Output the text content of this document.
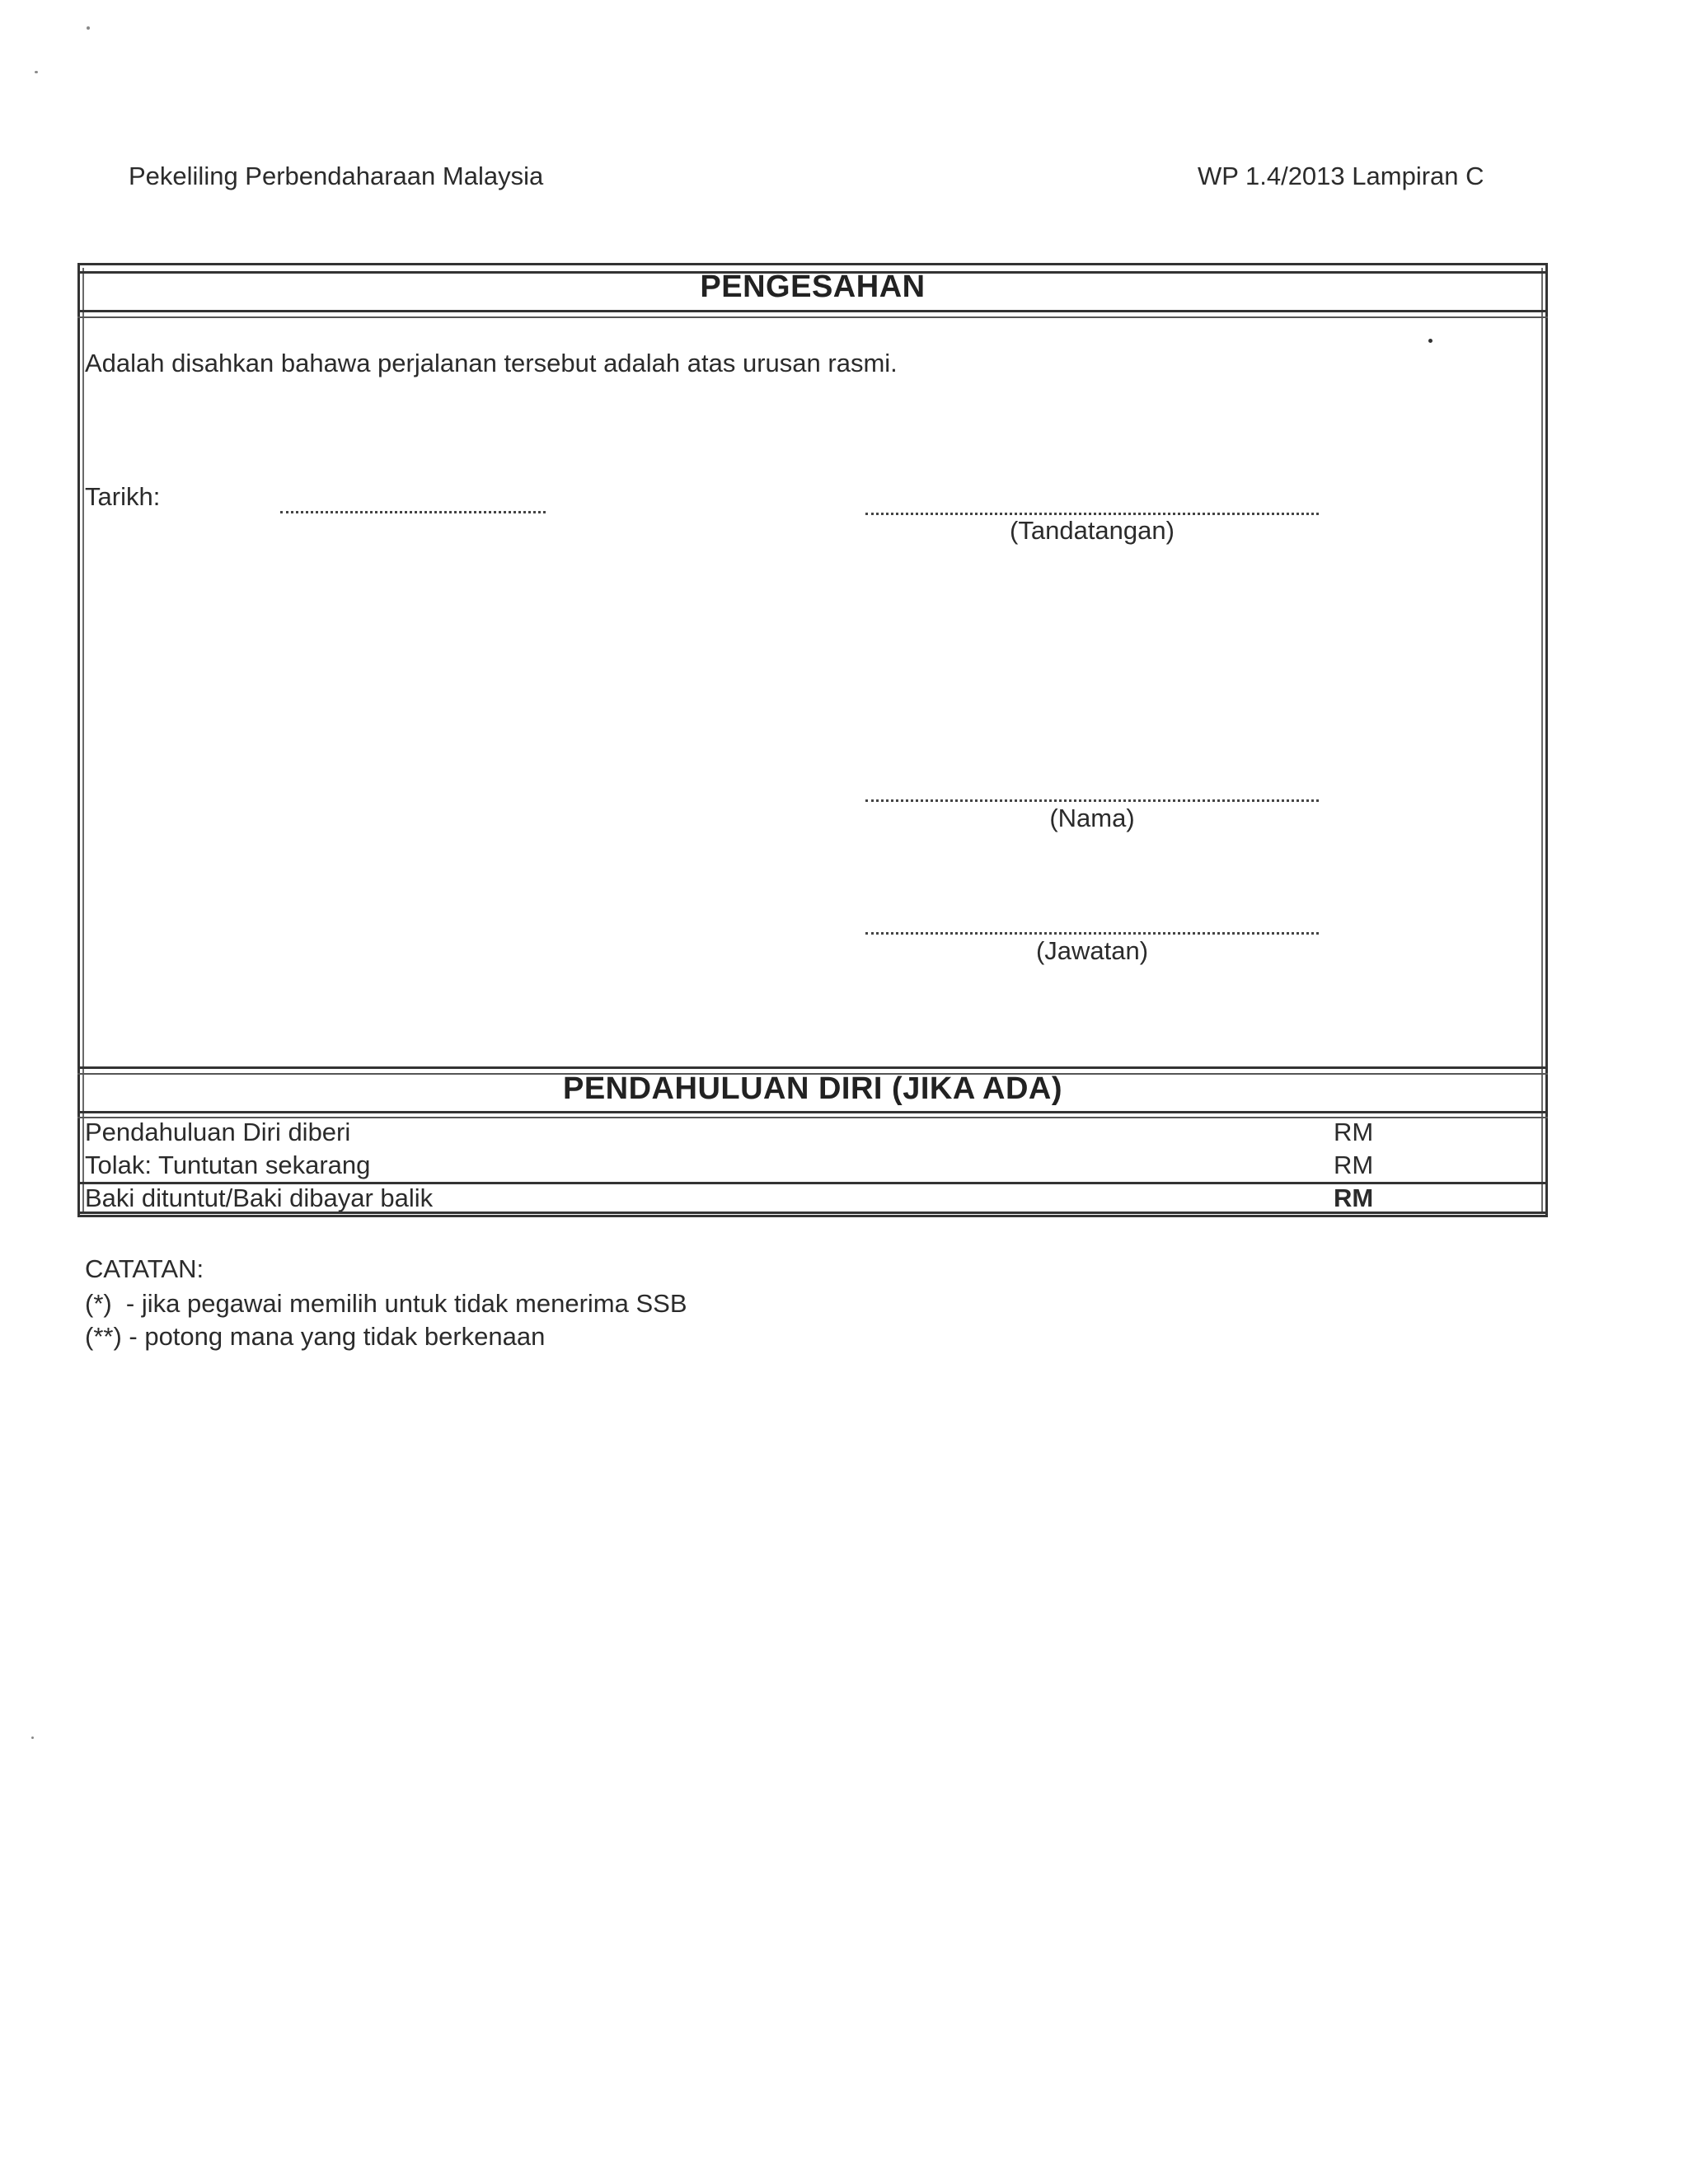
Pekeliling Perbendaharaan Malaysia	WP 1.4/2013 Lampiran C
PENGESAHAN
Adalah disahkan bahawa perjalanan tersebut adalah atas urusan rasmi.
Tarikh:
(Tandatangan)
(Nama)
(Jawatan)
PENDAHULUAN DIRI (JIKA ADA)
Pendahuluan Diri diberi	RM
Tolak: Tuntutan sekarang	RM
Baki dituntut/Baki dibayar balik	RM
CATATAN:
(*)  - jika pegawai memilih untuk tidak menerima SSB
(**) - potong mana yang tidak berkenaan
